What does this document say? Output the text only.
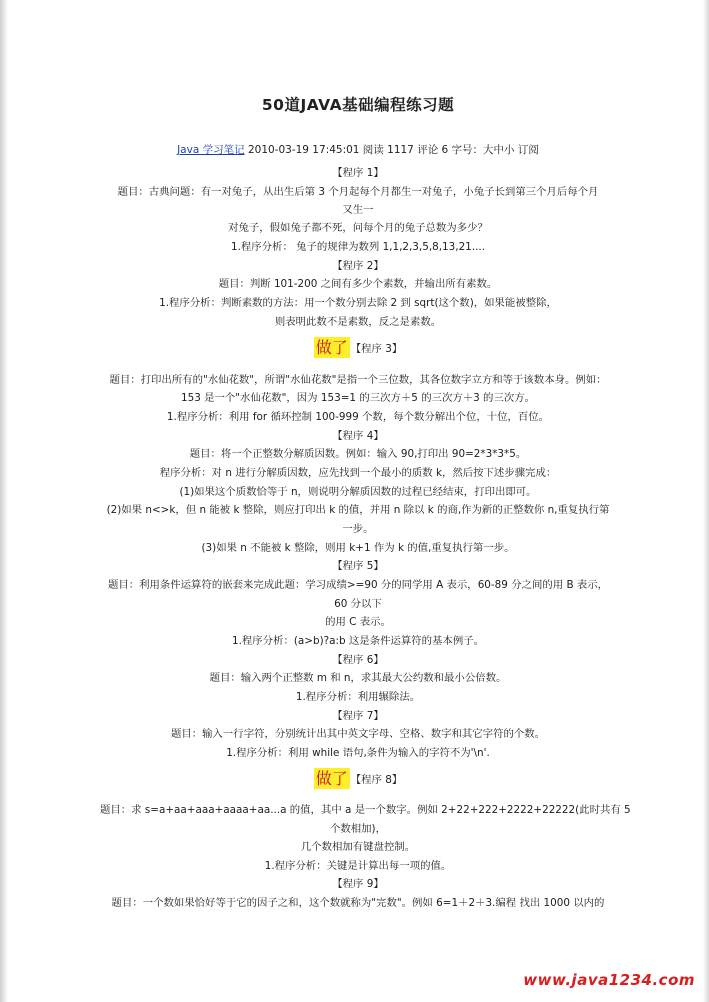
50道JAVA基础编程练习题
Java 学习笔记 2010-03-19 17:45:01 阅读 1117 评论 6 字号：大中小 订阅
【程序 1】
题目：古典问题：有一对兔子，从出生后第 3 个月起每个月都生一对兔子，小兔子长到第三个月后每个月
又生一
对兔子，假如兔子都不死，问每个月的兔子总数为多少？
1.程序分析： 兔子的规律为数列 1,1,2,3,5,8,13,21....
【程序 2】
题目：判断 101-200 之间有多少个素数，并输出所有素数。
1.程序分析：判断素数的方法：用一个数分别去除 2 到 sqrt(这个数)，如果能被整除，
则表明此数不是素数，反之是素数。
做了 【程序 3】
题目：打印出所有的"水仙花数"，所谓"水仙花数"是指一个三位数，其各位数字立方和等于该数本身。例如：
153 是一个"水仙花数"，因为 153=1 的三次方＋5 的三次方＋3 的三次方。
1.程序分析：利用 for 循环控制 100-999 个数，每个数分解出个位，十位，百位。
【程序 4】
题目：将一个正整数分解质因数。例如：输入 90,打印出 90=2*3*3*5。
程序分析：对 n 进行分解质因数，应先找到一个最小的质数 k，然后按下述步骤完成：
(1)如果这个质数恰等于 n，则说明分解质因数的过程已经结束，打印出即可。
(2)如果 n<>k，但 n 能被 k 整除，则应打印出 k 的值，并用 n 除以 k 的商,作为新的正整数你 n,重复执行第
一步。
(3)如果 n 不能被 k 整除，则用 k+1 作为 k 的值,重复执行第一步。
【程序 5】
题目：利用条件运算符的嵌套来完成此题：学习成绩>=90 分的同学用 A 表示，60-89 分之间的用 B 表示，
60 分以下
的用 C 表示。
1.程序分析：(a>b)?a:b 这是条件运算符的基本例子。
【程序 6】
题目：输入两个正整数 m 和 n，求其最大公约数和最小公倍数。
1.程序分析：利用辗除法。
【程序 7】
题目：输入一行字符，分别统计出其中英文字母、空格、数字和其它字符的个数。
1.程序分析：利用 while 语句,条件为输入的字符不为'\n'.
做了 【程序 8】
题目：求 s=a+aa+aaa+aaaa+aa...a 的值，其中 a 是一个数字。例如 2+22+222+2222+22222(此时共有 5
个数相加)，
几个数相加有键盘控制。
1.程序分析：关键是计算出每一项的值。
【程序 9】
题目：一个数如果恰好等于它的因子之和，这个数就称为"完数"。例如 6=1＋2＋3.编程 找出 1000 以内的
www.java1234.com
